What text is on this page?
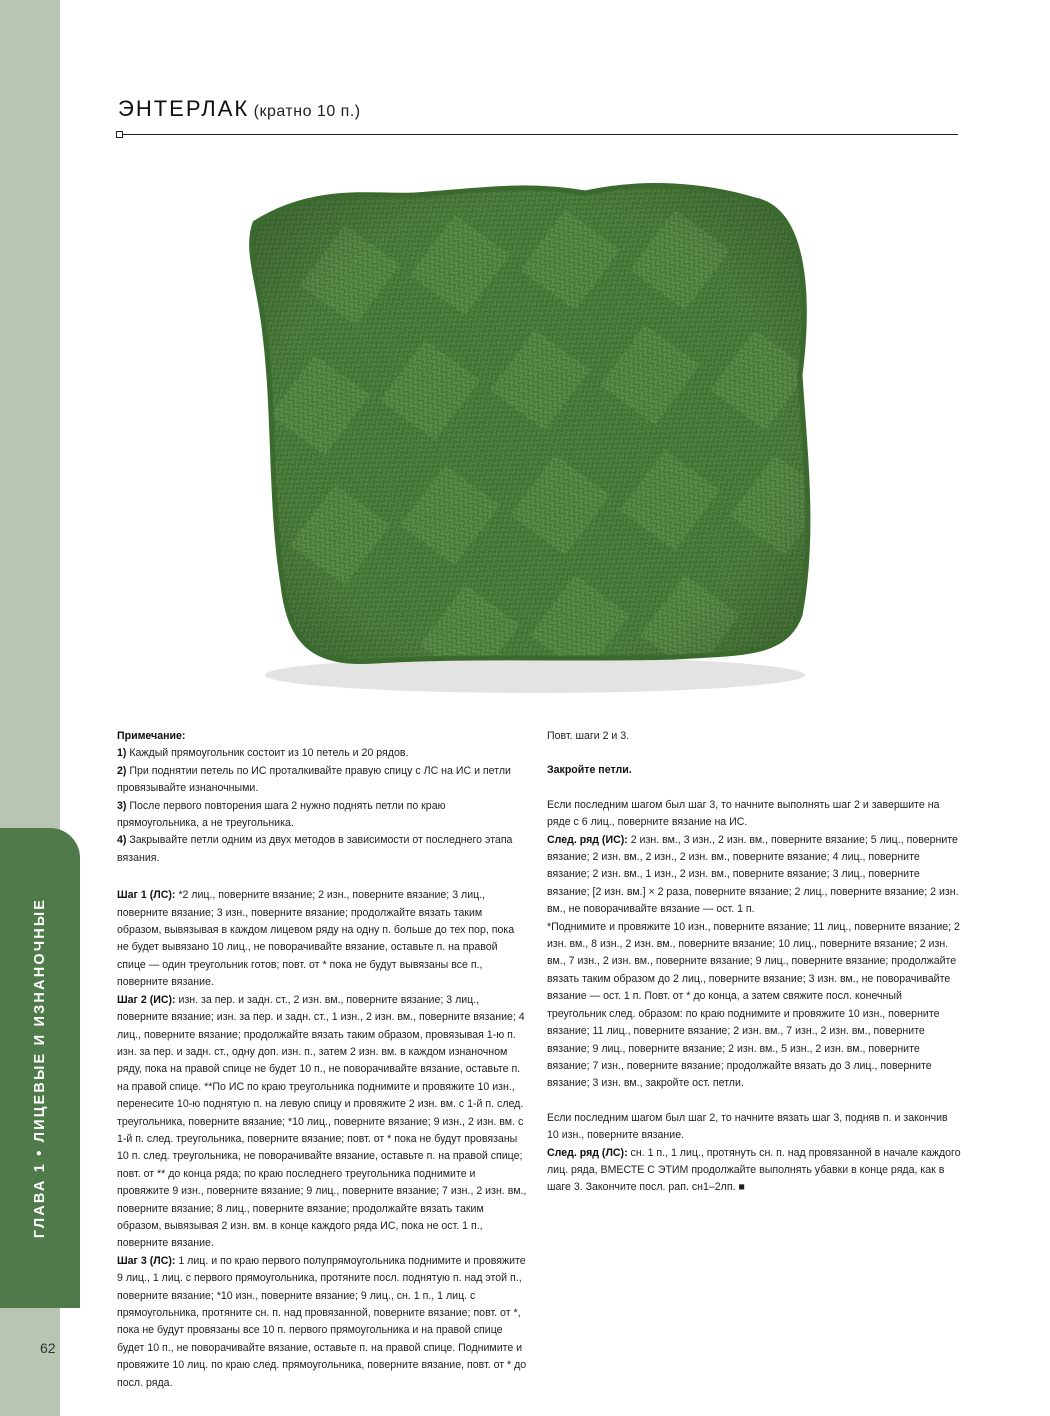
ГЛАВА 1 • ЛИЦЕВЫЕ И ИЗНАНОЧНЫЕ
62
ЭНТЕРЛАК (кратно 10 п.)

Примечание:

1) Каждый прямоугольник состоит из 10 петель и 20 рядов.

2) При поднятии петель по ИС проталкивайте правую спицу с ЛС на ИС и петли провязывайте изнаночными.

3) После первого повторения шага 2 нужно поднять петли по краю прямоугольника, а не треугольника.

4) Закрывайте петли одним из двух методов в зависимости от последнего этапа вязания.

Шаг 1 (ЛС): *2 лиц., поверните вязание; 2 изн., поверните вязание; 3 лиц., поверните вязание; 3 изн., поверните вязание; продолжайте вязать таким образом, вывязывая в каждом лицевом ряду на одну п. больше до тех пор, пока не будет вывязано 10 лиц., не поворачивайте вязание, оставьте п. на правой спице — один треугольник готов; повт. от * пока не будут вывязаны все п., поверните вязание.

Шаг 2 (ИС): изн. за пер. и задн. ст., 2 изн. вм., поверните вязание; 3 лиц., поверните вязание; изн. за пер. и задн. ст., 1 изн., 2 изн. вм., поверните вязание; 4 лиц., поверните вязание; продолжайте вязать таким образом, провязывая 1-ю п. изн. за пер. и задн. ст., одну доп. изн. п., затем 2 изн. вм. в каждом изнаночном ряду, пока на правой спице не будет 10 п., не поворачивайте вязание, оставьте п. на правой спице. **По ИС по краю треугольника поднимите и провяжите 10 изн., перенесите 10-ю поднятую п. на левую спицу и провяжите 2 изн. вм. с 1-й п. след. треугольника, поверните вязание; *10 лиц., поверните вязание; 9 изн., 2 изн. вм. с 1-й п. след. треугольника, поверните вязание; повт. от * пока не будут провязаны 10 п. след. треугольника, не поворачивайте вязание, оставьте п. на правой спице; повт. от ** до конца ряда; по краю последнего треугольника поднимите и провяжите 9 изн., поверните вязание; 9 лиц., поверните вязание; 7 изн., 2 изн. вм., поверните вязание; 8 лиц., поверните вязание; продолжайте вязать таким образом, вывязывая 2 изн. вм. в конце каждого ряда ИС, пока не ост. 1 п., поверните вязание.

Шаг 3 (ЛС): 1 лиц. и по краю первого полупрямоугольника поднимите и провяжите 9 лиц., 1 лиц. с первого прямоугольника, протяните посл. поднятую п. над этой п., поверните вязание; *10 изн., поверните вязание; 9 лиц., сн. 1 п., 1 лиц. с прямоугольника, протяните сн. п. над провязанной, поверните вязание; повт. от *, пока не будут провязаны все 10 п. первого прямоугольника и на правой спице будет 10 п., не поворачивайте вязание, оставьте п. на правой спице. Поднимите и провяжите 10 лиц. по краю след. прямоугольника, поверните вязание, повт. от * до посл. ряда.

Повт. шаги 2 и 3.

Закройте петли.

Если последним шагом был шаг 3, то начните выполнять шаг 2 и завершите на ряде с 6 лиц., поверните вязание на ИС.

След. ряд (ИС): 2 изн. вм., 3 изн., 2 изн. вм., поверните вязание; 5 лиц., поверните вязание; 2 изн. вм., 2 изн., 2 изн. вм., поверните вязание; 4 лиц., поверните вязание; 2 изн. вм., 1 изн., 2 изн. вм., поверните вязание; 3 лиц., поверните вязание; [2 изн. вм.] × 2 раза, поверните вязание; 2 лиц., поверните вязание; 2 изн. вм., не поворачивайте вязание — ост. 1 п.

*Поднимите и провяжите 10 изн., поверните вязание; 11 лиц., поверните вязание; 2 изн. вм., 8 изн., 2 изн. вм., поверните вязание; 10 лиц., поверните вязание; 2 изн. вм., 7 изн., 2 изн. вм., поверните вязание; 9 лиц., поверните вязание; продолжайте вязать таким образом до 2 лиц., поверните вязание; 3 изн. вм., не поворачивайте вязание — ост. 1 п. Повт. от * до конца, а затем свяжите посл. конечный треугольник след. образом: по краю поднимите и провяжите 10 изн., поверните вязание; 11 лиц., поверните вязание; 2 изн. вм., 7 изн., 2 изн. вм., поверните вязание; 9 лиц., поверните вязание; 2 изн. вм., 5 изн., 2 изн. вм., поверните вязание; 7 изн., поверните вязание; продолжайте вязать до 3 лиц., поверните вязание; 3 изн. вм., закройте ост. петли.

Если последним шагом был шаг 2, то начните вязать шаг 3, подняв п. и закончив 10 изн., поверните вязание.

След. ряд (ЛС): сн. 1 п., 1 лиц., протянуть сн. п. над провязанной в начале каждого лиц. ряда, ВМЕСТЕ С ЭТИМ продолжайте выполнять убавки в конце ряда, как в шаге 3. Закончите посл. рап. сн1–2лп. ■
